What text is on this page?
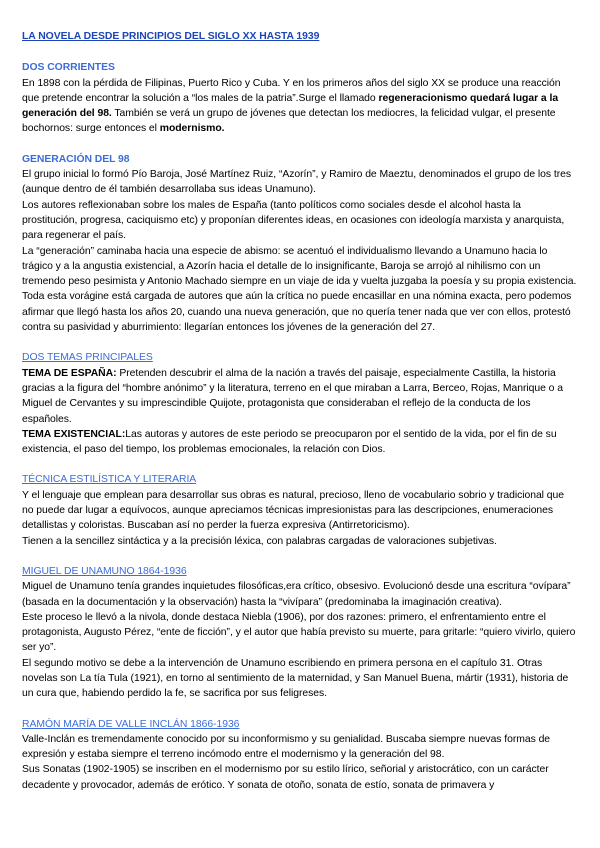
LA NOVELA DESDE PRINCIPIOS DEL SIGLO XX HASTA 1939

DOS CORRIENTES

En 1898 con la pérdida de Filipinas, Puerto Rico y Cuba. Y en los primeros años del siglo XX se produce una reacción que pretende encontrar la solución a “los males de la patria”.Surge el llamado regeneracionismo quedará lugar a la generación del 98. También se verá un grupo de jóvenes que detectan los mediocres, la felicidad vulgar, el presente bochornos: surge entonces el modernismo.

GENERACIÓN DEL 98

El grupo inicial lo formó Pío Baroja, José Martínez Ruiz, “Azorín”, y Ramiro de Maeztu, denominados el grupo de los tres (aunque dentro de él también desarrollaba sus ideas Unamuno).

Los autores reflexionaban sobre los males de España (tanto políticos como sociales desde el alcohol hasta la prostitución, progresa, caciquismo etc) y proponían diferentes ideas, en ocasiones con ideología marxista y anarquista, para regenerar el país.

La “generación” caminaba hacia una especie de abismo: se acentuó el individualismo llevando a Unamuno hacia lo trágico y a la angustia existencial, a Azorín hacia el detalle de lo insignificante, Baroja se arrojó al nihilismo con un tremendo peso pesimista y Antonio Machado siempre en un viaje de ida y vuelta juzgaba la poesía y su propia existencia.

Toda esta vorágine está cargada de autores que aún la crítica no puede encasillar en una nómina exacta, pero podemos afirmar que llegó hasta los años 20, cuando una nueva generación, que no quería tener nada que ver con ellos, protestó contra su pasividad y aburrimiento: llegarían entonces los jóvenes de la generación del 27.

DOS TEMAS PRINCIPALES

TEMA DE ESPAÑA: Pretenden descubrir el alma de la nación a través del paisaje, especialmente Castilla, la historia gracias a la figura del “hombre anónimo” y la literatura, terreno en el que miraban a Larra, Berceo, Rojas, Manrique o a Miguel de Cervantes y su imprescindible Quijote, protagonista que consideraban el reflejo de la conducta de los españoles.

TEMA EXISTENCIAL:Las autoras y autores de este periodo se preocuparon por el sentido de la vida, por el fin de su existencia, el paso del tiempo, los problemas emocionales, la relación con Dios.

TÉCNICA ESTILÍSTICA Y LITERARIA

Y el lenguaje que emplean para desarrollar sus obras es natural, precioso, lleno de vocabulario sobrio y tradicional que no puede dar lugar a equívocos, aunque apreciamos técnicas impresionistas para las descripciones, enumeraciones detallistas y coloristas. Buscaban así no perder la fuerza expresiva (Antirretoricismo).

Tienen a la sencillez sintáctica y a la precisión léxica, con palabras cargadas de valoraciones subjetivas.

MIGUEL DE UNAMUNO 1864-1936

Miguel de Unamuno tenía grandes inquietudes filosóficas,era crítico, obsesivo. Evolucionó desde una escritura “ovípara” (basada en la documentación y la observación) hasta la “vivípara” (predominaba la imaginación creativa).

Este proceso le llevó a la nivola, donde destaca Niebla (1906), por dos razones: primero, el enfrentamiento entre el protagonista, Augusto Pérez, “ente de ficción”, y el autor que había previsto su muerte, para gritarle: “quiero vivirlo, quiero ser yo”.

El segundo motivo se debe a la intervención de Unamuno escribiendo en primera persona en el capítulo 31. Otras novelas son La tía Tula (1921), en torno al sentimiento de la maternidad, y San Manuel Buena, mártir (1931), historia de un cura que, habiendo perdido la fe, se sacrifica por sus feligreses.

RAMÓN MARÍA DE VALLE INCLÁN 1866-1936

Valle-Inclán es tremendamente conocido por su inconformismo y su genialidad. Buscaba siempre nuevas formas de expresión y estaba siempre el terreno incómodo entre el modernismo y la generación del 98.

Sus Sonatas (1902-1905) se inscriben en el modernismo por su estilo lírico, señorial y aristocrático, con un carácter decadente y provocador, además de erótico. Y sonata de otoño, sonata de estío, sonata de primavera y
